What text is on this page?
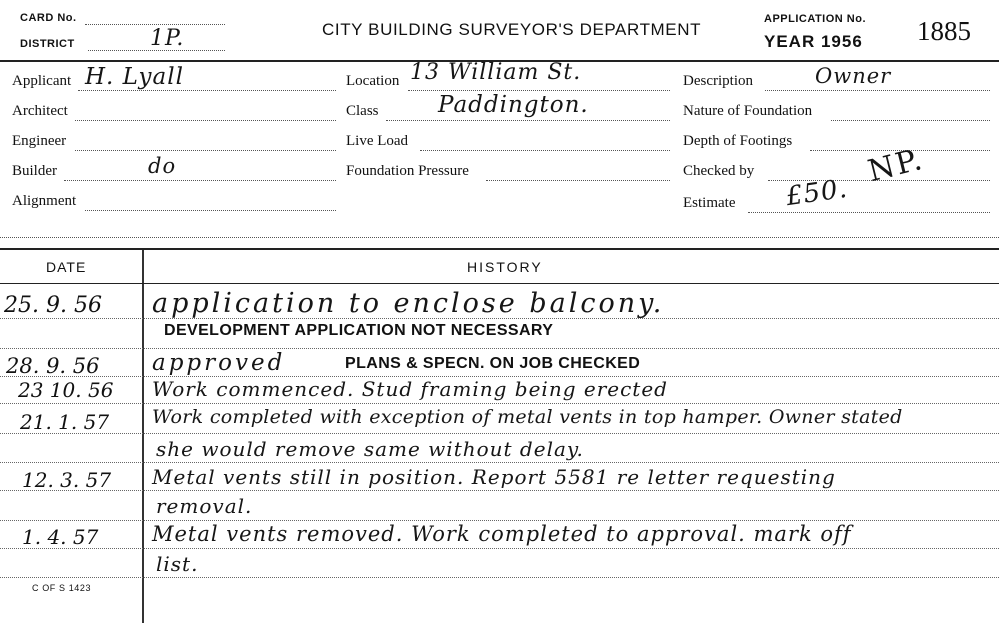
CARD No.
DISTRICT	1P.	CITY BUILDING SURVEYOR'S DEPARTMENT
APPLICATION No.
YEAR 1956 1885
Applicant H. Lyall
Architect
Engineer
Builder	do
Alignment
Location 13 William St.
Class	Paddington.
Live Load
Foundation Pressure
Description	Owner
Nature of Foundation
Depth of Footings
Checked by	NP.
Estimate £50.
DATE	HISTORY
25. 9. 56 application to enclose balcony.
DEVELOPMENT APPLICATION NOT NECESSARY
28. 9. 56 approved	PLANS & SPECN. ON JOB CHECKED
23 10. 56 Work commenced. Stud framing being erected
21. 1. 57 Work completed with exception of metal vents in top hamper. Owner stated
she would remove same without delay.
12. 3. 57 Metal vents still in position. Report 5581 re letter requesting
removal.
1. 4. 57	Metal vents removed. Work completed to approval. mark off
list.
C OF S 1423
